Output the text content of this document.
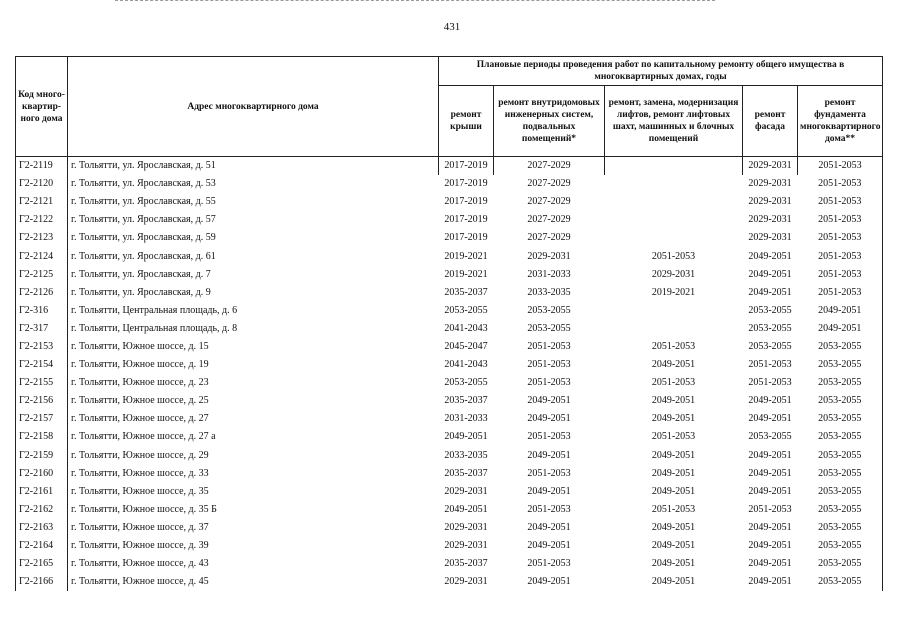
431
Код много-квартир-ного дома	Адрес многоквартирного дома	Плановые периоды проведения работ по капитальному ремонту общего имущества в многоквартирных домах, годы				
		ремонт крыши	ремонт внутридомовых инженерных систем, подвальных помещений*	ремонт, замена, модернизация лифтов, ремонт лифтовых шахт, машинных и блочных помещений	ремонт фасада	ремонт фундамента многоквартирного дома**
Г2-2119	г. Тольятти, ул. Ярославская, д. 51	2017-2019	2027-2029		2029-2031	2051-2053
Г2-2120	г. Тольятти, ул. Ярославская, д. 53	2017-2019	2027-2029		2029-2031	2051-2053
Г2-2121	г. Тольятти, ул. Ярославская, д. 55	2017-2019	2027-2029		2029-2031	2051-2053
Г2-2122	г. Тольятти, ул. Ярославская, д. 57	2017-2019	2027-2029		2029-2031	2051-2053
Г2-2123	г. Тольятти, ул. Ярославская, д. 59	2017-2019	2027-2029		2029-2031	2051-2053
Г2-2124	г. Тольятти, ул. Ярославская, д. 61	2019-2021	2029-2031	2051-2053	2049-2051	2051-2053
Г2-2125	г. Тольятти, ул. Ярославская, д. 7	2019-2021	2031-2033	2029-2031	2049-2051	2051-2053
Г2-2126	г. Тольятти, ул. Ярославская, д. 9	2035-2037	2033-2035	2019-2021	2049-2051	2051-2053
Г2-316	г. Тольятти, Центральная площадь, д. 6	2053-2055	2053-2055		2053-2055	2049-2051
Г2-317	г. Тольятти, Центральная площадь, д. 8	2041-2043	2053-2055		2053-2055	2049-2051
Г2-2153	г. Тольятти, Южное шоссе, д. 15	2045-2047	2051-2053	2051-2053	2053-2055	2053-2055
Г2-2154	г. Тольятти, Южное шоссе, д. 19	2041-2043	2051-2053	2049-2051	2051-2053	2053-2055
Г2-2155	г. Тольятти, Южное шоссе, д. 23	2053-2055	2051-2053	2051-2053	2051-2053	2053-2055
Г2-2156	г. Тольятти, Южное шоссе, д. 25	2035-2037	2049-2051	2049-2051	2049-2051	2053-2055
Г2-2157	г. Тольятти, Южное шоссе, д. 27	2031-2033	2049-2051	2049-2051	2049-2051	2053-2055
Г2-2158	г. Тольятти, Южное шоссе, д. 27 а	2049-2051	2051-2053	2051-2053	2053-2055	2053-2055
Г2-2159	г. Тольятти, Южное шоссе, д. 29	2033-2035	2049-2051	2049-2051	2049-2051	2053-2055
Г2-2160	г. Тольятти, Южное шоссе, д. 33	2035-2037	2051-2053	2049-2051	2049-2051	2053-2055
Г2-2161	г. Тольятти, Южное шоссе, д. 35	2029-2031	2049-2051	2049-2051	2049-2051	2053-2055
Г2-2162	г. Тольятти, Южное шоссе, д. 35 Б	2049-2051	2051-2053	2051-2053	2051-2053	2053-2055
Г2-2163	г. Тольятти, Южное шоссе, д. 37	2029-2031	2049-2051	2049-2051	2049-2051	2053-2055
Г2-2164	г. Тольятти, Южное шоссе, д. 39	2029-2031	2049-2051	2049-2051	2049-2051	2053-2055
Г2-2165	г. Тольятти, Южное шоссе, д. 43	2035-2037	2051-2053	2049-2051	2049-2051	2053-2055
Г2-2166	г. Тольятти, Южное шоссе, д. 45	2029-2031	2049-2051	2049-2051	2049-2051	2053-2055
